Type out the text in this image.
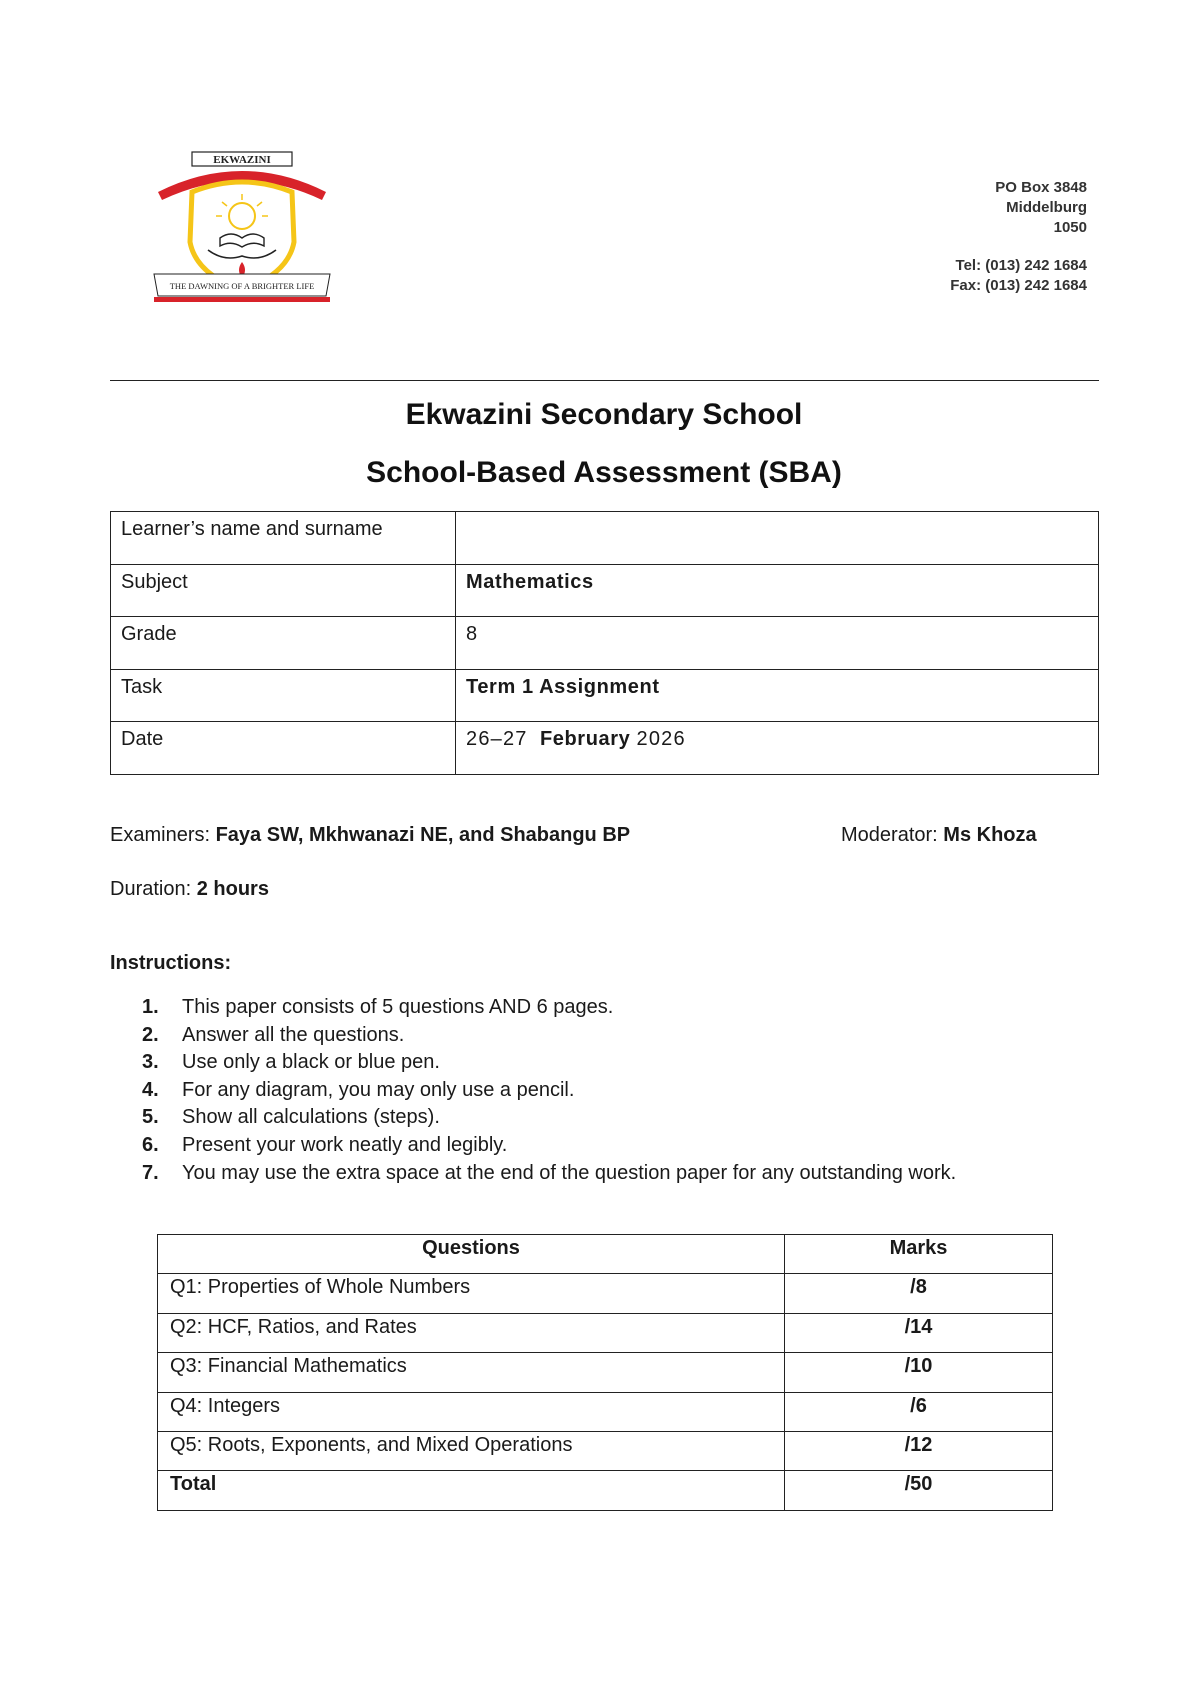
EKWAZINI
THE DAWNING OF A BRIGHTER LIFE
PO Box 3848
Middelburg
1050
Tel: (013) 242 1684
Fax: (013) 242 1684
Ekwazini Secondary School
School-Based Assessment (SBA)
Learner’s name and surname	
Subject	Mathematics
Grade	8
Task	Term 1 Assignment
Date	26–27 February 2026
Examiners: Faya SW, Mkhwanazi NE, and Shabangu BP	Moderator: Ms Khoza
Duration: 2 hours
Instructions:
1. This paper consists of 5 questions AND 6 pages.
2. Answer all the questions.
3. Use only a black or blue pen.
4. For any diagram, you may only use a pencil.
5. Show all calculations (steps).
6. Present your work neatly and legibly.
7. You may use the extra space at the end of the question paper for any outstanding work.
Questions	Marks
Q1: Properties of Whole Numbers	/8
Q2: HCF, Ratios, and Rates	/14
Q3: Financial Mathematics	/10
Q4: Integers	/6
Q5: Roots, Exponents, and Mixed Operations	/12
Total	/50
